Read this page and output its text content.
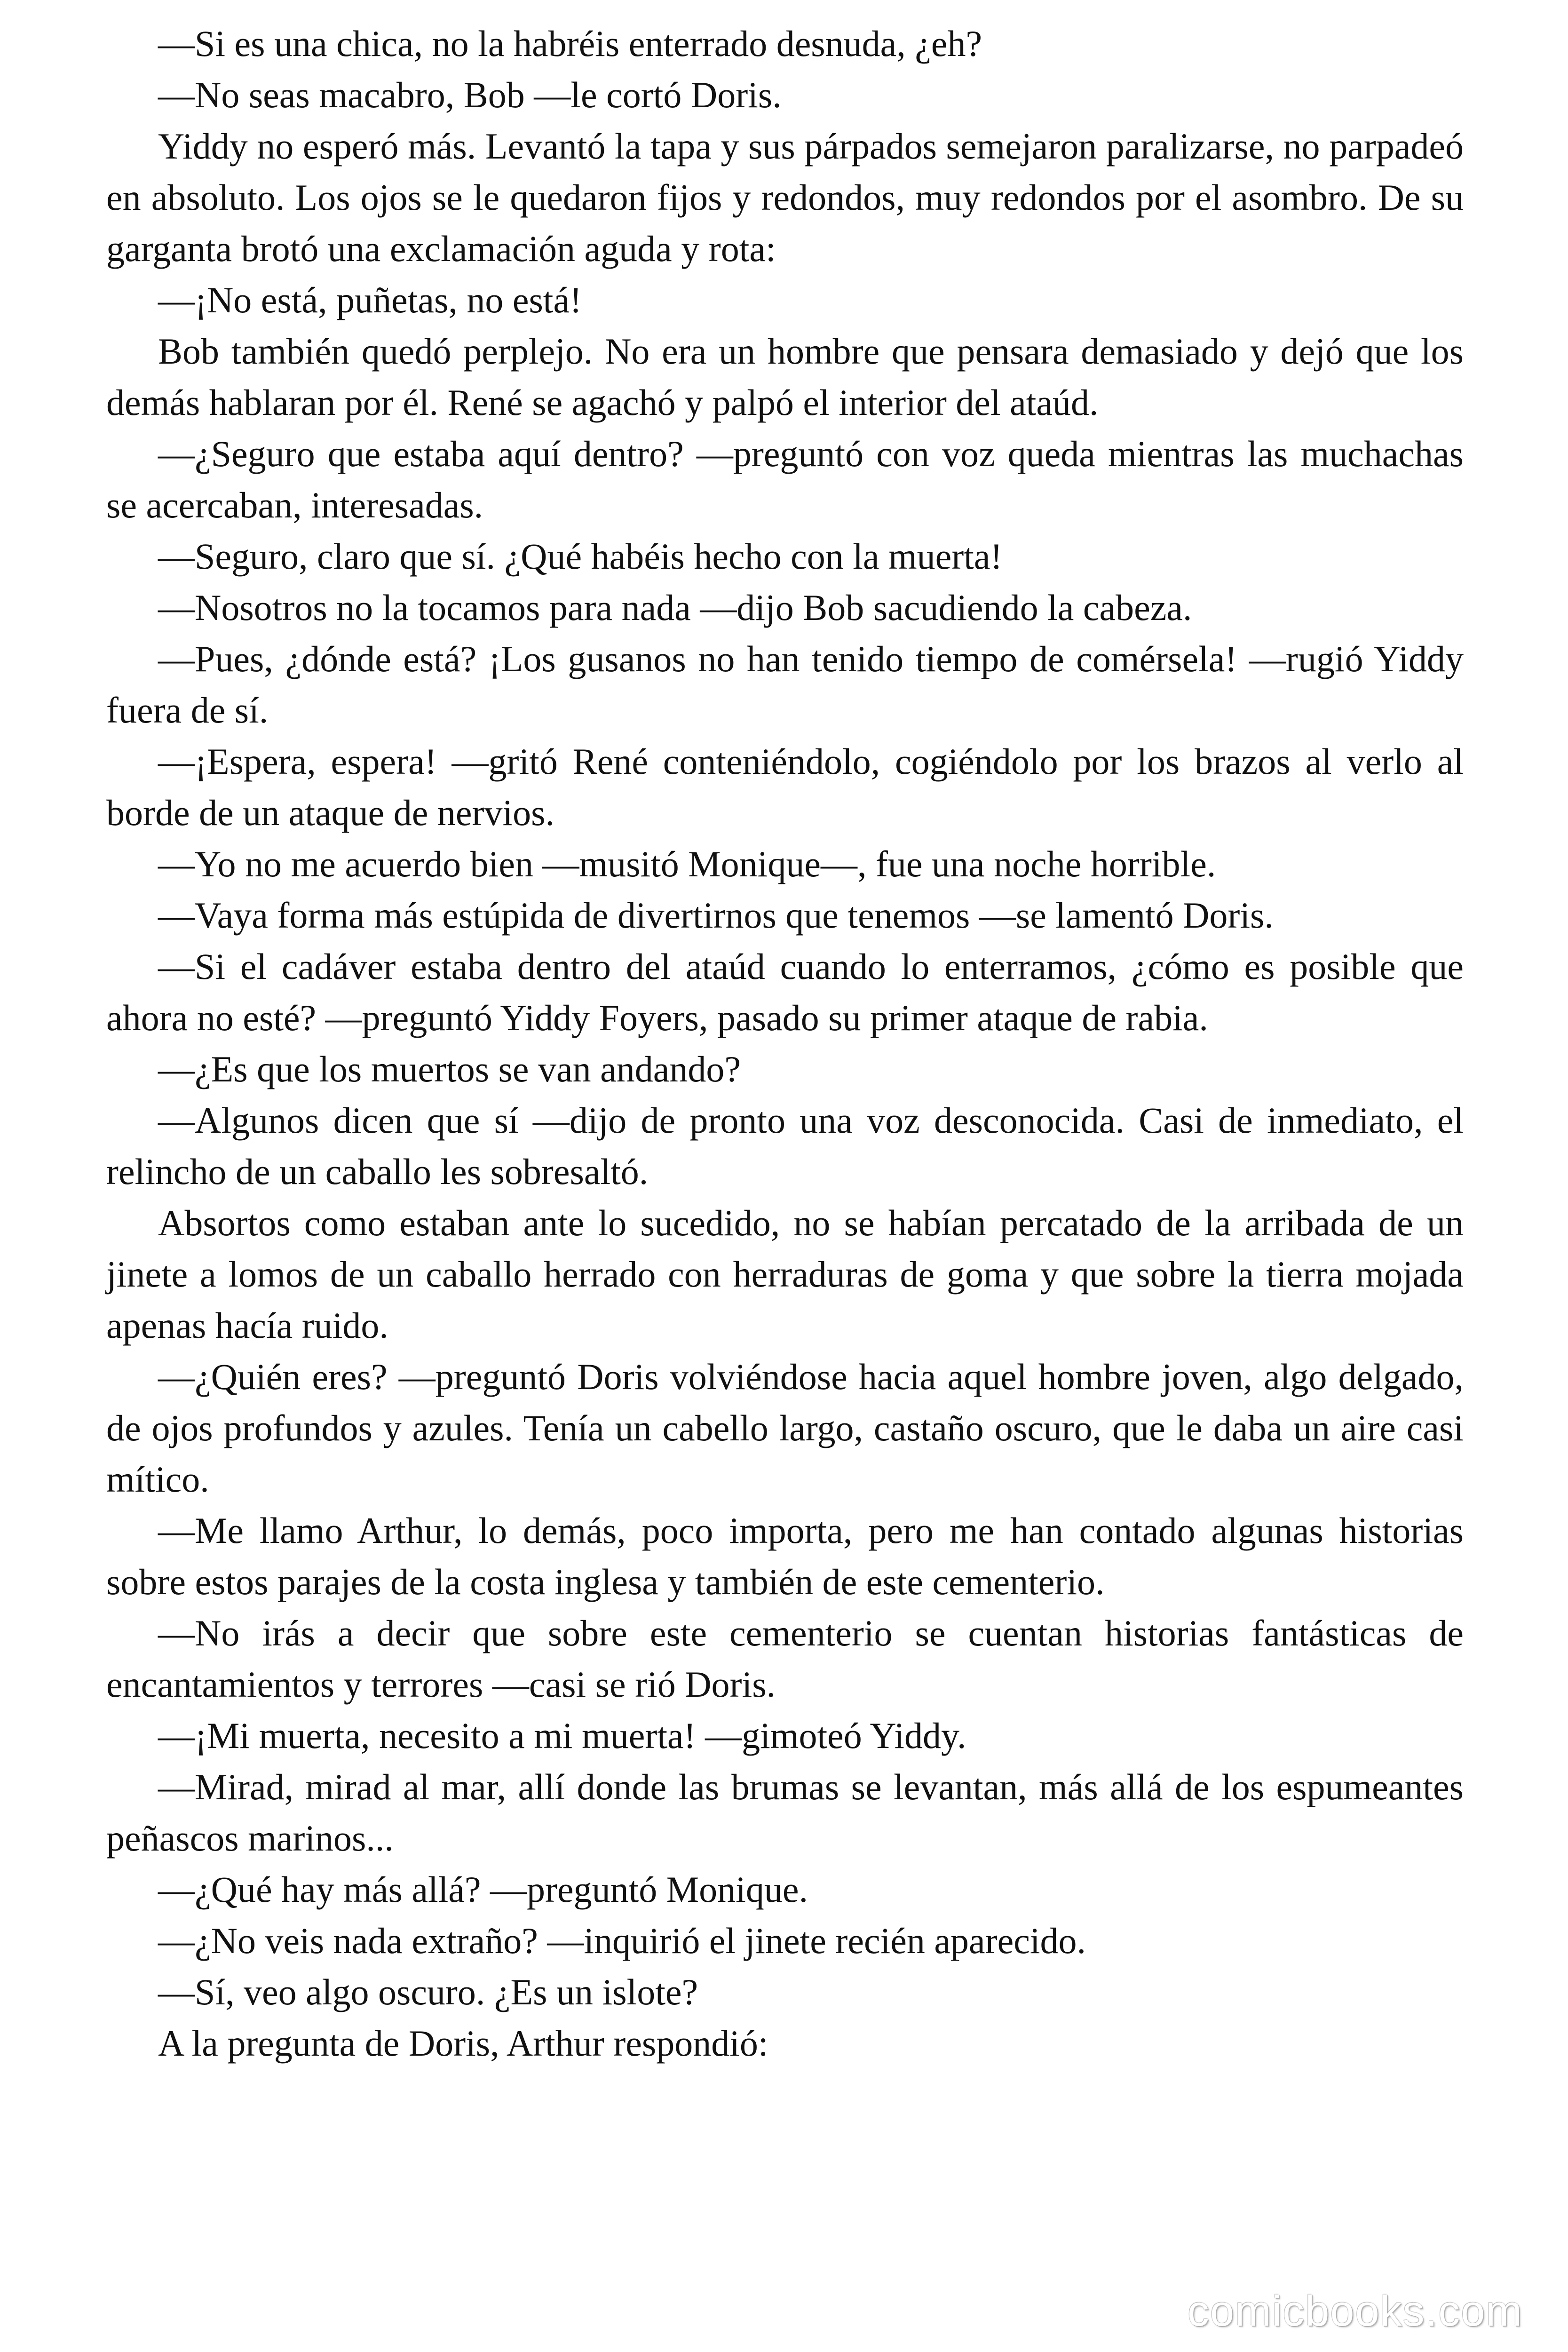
—Si es una chica, no la habréis enterrado desnuda, ¿eh?

—No seas macabro, Bob —le cortó Doris.

Yiddy no esperó más. Levantó la tapa y sus párpados semejaron paralizarse, no parpadeó en absoluto. Los ojos se le quedaron fijos y redondos, muy redondos por el asombro. De su garganta brotó una exclamación aguda y rota:

—¡No está, puñetas, no está!

Bob también quedó perplejo. No era un hombre que pensara demasiado y dejó que los demás hablaran por él. René se agachó y palpó el interior del ataúd.

—¿Seguro que estaba aquí dentro? —preguntó con voz queda mientras las muchachas se acercaban, interesadas.

—Seguro, claro que sí. ¿Qué habéis hecho con la muerta!

—Nosotros no la tocamos para nada —dijo Bob sacudiendo la cabeza.

—Pues, ¿dónde está? ¡Los gusanos no han tenido tiempo de comérsela! —rugió Yiddy fuera de sí.

—¡Espera, espera! —gritó René conteniéndolo, cogiéndolo por los brazos al verlo al borde de un ataque de nervios.

—Yo no me acuerdo bien —musitó Monique—, fue una noche horrible.

—Vaya forma más estúpida de divertirnos que tenemos —se lamentó Doris.

—Si el cadáver estaba dentro del ataúd cuando lo enterramos, ¿cómo es posible que ahora no esté? —preguntó Yiddy Foyers, pasado su primer ataque de rabia.

—¿Es que los muertos se van andando?

—Algunos dicen que sí —dijo de pronto una voz desconocida. Casi de inmediato, el relincho de un caballo les sobresaltó.

Absortos como estaban ante lo sucedido, no se habían percatado de la arribada de un jinete a lomos de un caballo herrado con herraduras de goma y que sobre la tierra mojada apenas hacía ruido.

—¿Quién eres? —preguntó Doris volviéndose hacia aquel hombre joven, algo delgado, de ojos profundos y azules. Tenía un cabello largo, castaño oscuro, que le daba un aire casi mítico.

—Me llamo Arthur, lo demás, poco importa, pero me han contado algunas historias sobre estos parajes de la costa inglesa y también de este cementerio.

—No irás a decir que sobre este cementerio se cuentan historias fantásticas de encantamientos y terrores —casi se rió Doris.

—¡Mi muerta, necesito a mi muerta! —gimoteó Yiddy.

—Mirad, mirad al mar, allí donde las brumas se levantan, más allá de los espumeantes peñascos marinos...

—¿Qué hay más allá? —preguntó Monique.

—¿No veis nada extraño? —inquirió el jinete recién aparecido.

—Sí, veo algo oscuro. ¿Es un islote?

A la pregunta de Doris, Arthur respondió:

comicbooks.com
